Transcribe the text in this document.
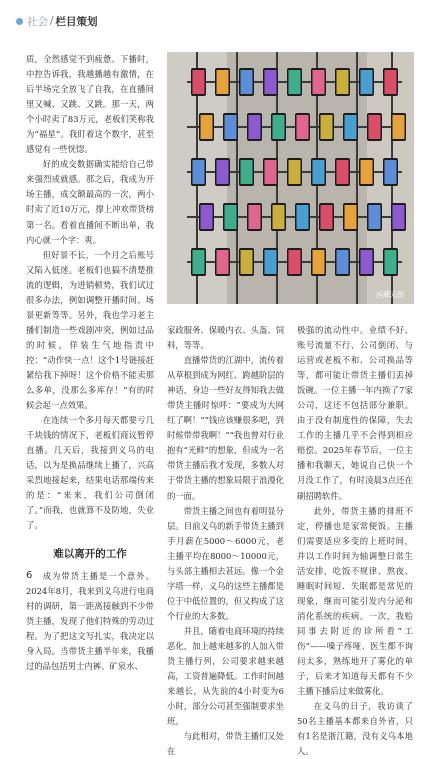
社会 / 栏目策划

质，全然感觉不到疲惫。下播时，中控告诉我，我越播越有激情，在后半场完全放飞了自我，在直播间里又喊、又跳、又跳。那一天，两个小时卖了83万元，老板们笑称我为“福星”。我盯着这个数字，甚至感觉有一些恍惚。

好的成交数据确实能给自己带来强烈成就感。那之后，我成为开场主播，成交额最高的一次，两小时卖了近10万元，撑上冲欢带货榜第一名。看着直播间不断出单，我内心就一个字：爽。

但好景不长，一个月之后账号又陷入低迷。老板们也搞不清楚推流的逻辑，为进销顿势，我们试过很多办法，例如调整开播时间、场景更新等等。另外，我也学习老主播们制造一些戏剧冲突，例如过品的时候，佯装生气地指责中控：“动作快一点！这个1号链接赶紧给我下掉呀！这个价格不能卖那么多单，没那么多库存！”有的时候会起一点效果。

在连续一个多月每天都要亏几千块钱的情况下，老板们商议暂停直播。几天后，我接到义乌的电话，以为是换品继续上播了，兴高采烈地接起来，结果电话那端传来的是：“来来，我们公司倒闭了。”而我，也就算不及防地，失业了。

难以离开的工作

成为带货主播是一个意外。2024年8月，我来到义乌进行电商村的调研，第一距离接触到不少带货主播，发现了他们特殊的劳动过程。为了把这文写扎实，我决定以身入局。当带货主播半年来，我播过的品包括男士内裤、矿泉水、

西藏元图

家政服务、保暖内衣、头盔、饲料，等等。

直播带货的江湖中，流传着从草根到成为网红、跨越阶层的神话，身边一些好友得知我去做带货主播时惊呼：“要成为大网红了啊！”“钱应该赚很多吧，到时候带带我啊！”“我也曾对行业抱有“光鲜”的想象，但成为一名带货主播后我才发现，多数人对于带货主播的想象局限于浪漫化的一面。

带货主播之间也有着明显分层。目前义乌的新手带货主播到手月薪在5000～6000元，老主播平均在8000～10000元，与头部主播相去甚远。像一个金字塔一样，义乌的这些主播都是位于中低位置的，但又构成了这个行业的大多数。

并且，随着电商环境的持续恶化，加上越来越多的人加入带货主播行列，公司要求越来越高，工资普遍降低。工作时间越来越长，从先前的4小时变为6小时，部分公司甚至强制要求坐班。

与此相对，带货主播们又处在

极强的流动性中。业绩不好、账号流量不行、公司倒闭、与运营或老板不和、公司换品等等，都可能让带货主播们丢掉饭碗。一位主播一年内换了7家公司，这还不包括部分兼职。由于没有制度性的保障，失去工作的主播几乎不会得到相应赔偿。2025年春节后，一位主播和我聊天，她说自己快一个月没工作了，有时凌晨3点还在刷招聘软件。

此外，带货主播的排班不定，停播也是家常便饭。主播们需要适应多变的上班时间，并以工作时间为轴调整日常生活安排，吃饭不规律、熬夜、睡眠时间短、失眠都是常见的现象，继而可能引发内分泌和消化系统的疾病。一次，我贻同事去附近的诊所看“工伤”——嗓子疼哑、医生都不询问太多，熟练地开了雾化的单子，后来才知道每天都有不少主播下播后过来做雾化。

在义乌的日子，我访谈了50名主播基本都来自外省，只有1名是浙江籍，没有义乌本地人。

6
